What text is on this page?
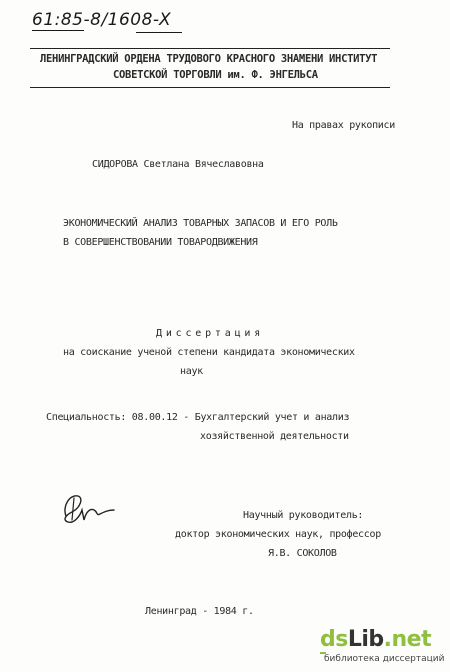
61:85-8/1608-X
ЛЕНИНГРАДСКИЙ ОРДЕНА ТРУДОВОГО КРАСНОГО ЗНАМЕНИ ИНСТИТУТ
СОВЕТСКОЙ ТОРГОВЛИ им. Ф. ЭНГЕЛЬСА
На правах рукописи
СИДОРОВА Светлана Вячеславовна
ЭКОНОМИЧЕСКИЙ АНАЛИЗ ТОВАРНЫХ ЗАПАСОВ И ЕГО РОЛЬ
В СОВЕРШЕНСТВОВАНИИ ТОВАРОДВИЖЕНИЯ
Диссертация
на соискание ученой степени кандидата экономических
наук
Специальность: 08.00.12 - Бухгалтерский учет и анализ
хозяйственной деятельности
Научный руководитель:
доктор экономических наук, профессор
Я.В. СОКОЛОВ
Ленинград - 1984 г.
dsLib.net
библиотека диссертаций
